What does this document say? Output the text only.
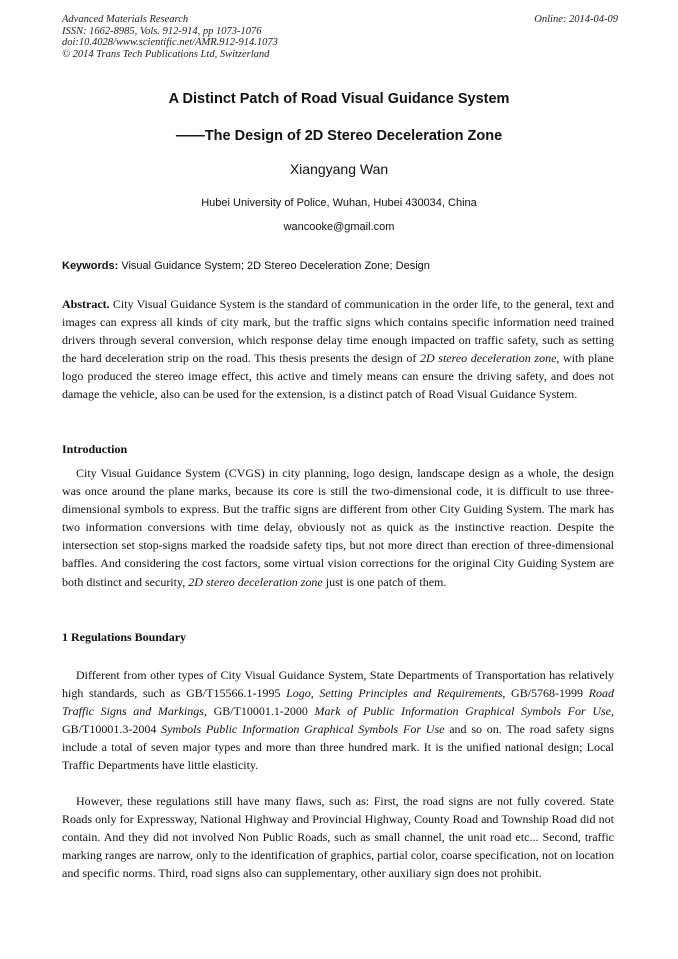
Advanced Materials Research
ISSN: 1662-8985, Vols. 912-914, pp 1073-1076
doi:10.4028/www.scientific.net/AMR.912-914.1073
© 2014 Trans Tech Publications Ltd, Switzerland
Online: 2014-04-09
A Distinct Patch of Road Visual Guidance System
——The Design of 2D Stereo Deceleration Zone
Xiangyang Wan
Hubei University of Police, Wuhan, Hubei 430034, China
wancooke@gmail.com
Keywords: Visual Guidance System; 2D Stereo Deceleration Zone; Design

Abstract. City Visual Guidance System is the standard of communication in the order life, to the general, text and images can express all kinds of city mark, but the traffic signs which contains specific information need trained drivers through several conversion, which response delay time enough impacted on traffic safety, such as setting the hard deceleration strip on the road. This thesis presents the design of 2D stereo deceleration zone, with plane logo produced the stereo image effect, this active and timely means can ensure the driving safety, and does not damage the vehicle, also can be used for the extension, is a distinct patch of Road Visual Guidance System.

Introduction

City Visual Guidance System (CVGS) in city planning, logo design, landscape design as a whole, the design was once around the plane marks, because its core is still the two-dimensional code, it is difficult to use three-dimensional symbols to express. But the traffic signs are different from other City Guiding System. The mark has two information conversions with time delay, obviously not as quick as the instinctive reaction. Despite the intersection set stop-signs marked the roadside safety tips, but not more direct than erection of three-dimensional baffles. And considering the cost factors, some virtual vision corrections for the original City Guiding System are both distinct and security, 2D stereo deceleration zone just is one patch of them.

1 Regulations Boundary

Different from other types of City Visual Guidance System, State Departments of Transportation has relatively high standards, such as GB/T15566.1-1995 Logo, Setting Principles and Requirements, GB/5768-1999 Road Traffic Signs and Markings, GB/T10001.1-2000 Mark of Public Information Graphical Symbols For Use, GB/T10001.3-2004 Symbols Public Information Graphical Symbols For Use and so on. The road safety signs include a total of seven major types and more than three hundred mark. It is the unified national design; Local Traffic Departments have little elasticity.

However, these regulations still have many flaws, such as: First, the road signs are not fully covered. State Roads only for Expressway, National Highway and Provincial Highway, County Road and Township Road did not contain. And they did not involved Non Public Roads, such as small channel, the unit road etc... Second, traffic marking ranges are narrow, only to the identification of graphics, partial color, coarse specification, not on location and specific norms. Third, road signs also can supplementary, other auxiliary sign does not prohibit.
